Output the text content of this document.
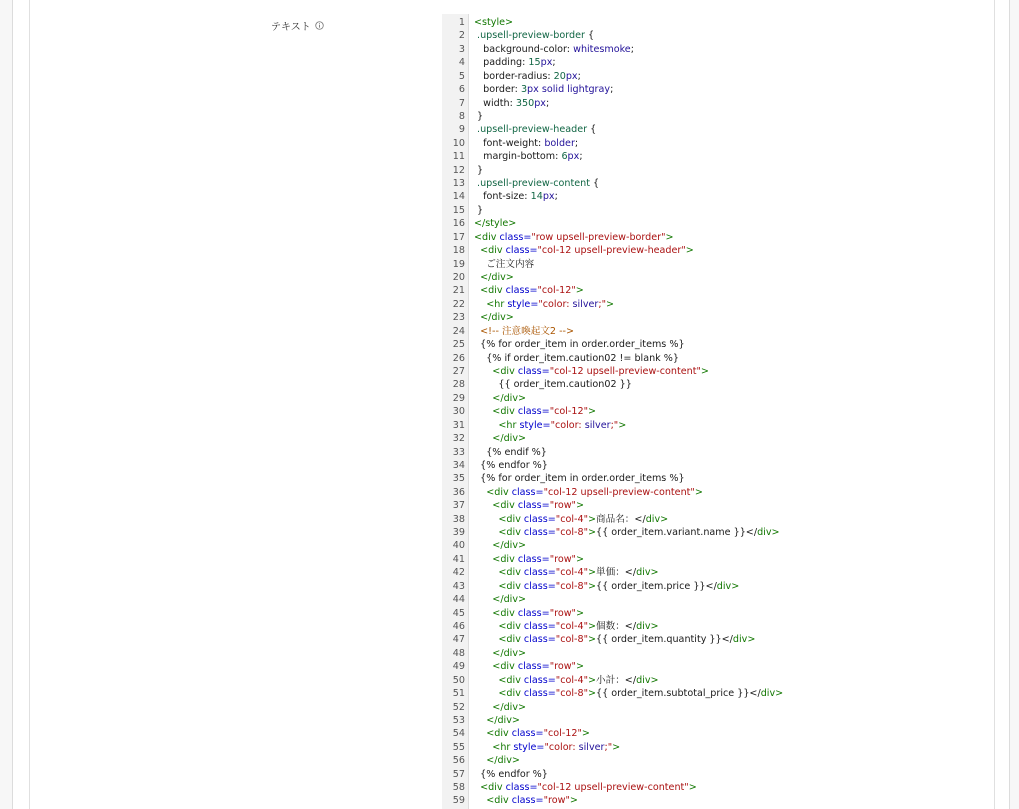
テキスト	1 <style>
2 .upsell-preview-border {
3 background-color: whitesmoke;
4 padding: 15px;
5 border-radius: 20px;
6 border: 3px solid lightgray;
7 width: 350px;
8 }
9 .upsell-preview-header {
10 font-weight: bolder;
11 margin-bottom: 6px;
12 }
13 .upsell-preview-content {
14 font-size: 14px;
15 }
16 </style>
17 <div class="row upsell-preview-border">
18 <div class="col-12 upsell-preview-header">
19 ご注文内容
20 </div>
21 <div class="col-12">
22 <hr style="color: silver;">
23 </div>
24 <!-- 注意喚起文2 -->
25 {% for order_item in order.order_items %}
26 {% if order_item.caution02 != blank %}
27 <div class="col-12 upsell-preview-content">
28 {{ order_item.caution02 }}
29 </div>
30 <div class="col-12">
31 <hr style="color: silver;">
32 </div>
33 {% endif %}
34 {% endfor %}
35 {% for order_item in order.order_items %}
36 <div class="col-12 upsell-preview-content">
37 <div class="row">
38 <div class="col-4">商品名：</div>
39 <div class="col-8">{{ order_item.variant.name }}</div>
40 </div>
41 <div class="row">
42 <div class="col-4">単価：</div>
43 <div class="col-8">{{ order_item.price }}</div>
44 </div>
45 <div class="row">
46 <div class="col-4">個数：</div>
47 <div class="col-8">{{ order_item.quantity }}</div>
48 </div>
49 <div class="row">
50 <div class="col-4">小計：</div>
51 <div class="col-8">{{ order_item.subtotal_price }}</div>
52 </div>
53 </div>
54 <div class="col-12">
55 <hr style="color: silver;">
56 </div>
57 {% endfor %}
58 <div class="col-12 upsell-preview-content">
59 <div class="row">
